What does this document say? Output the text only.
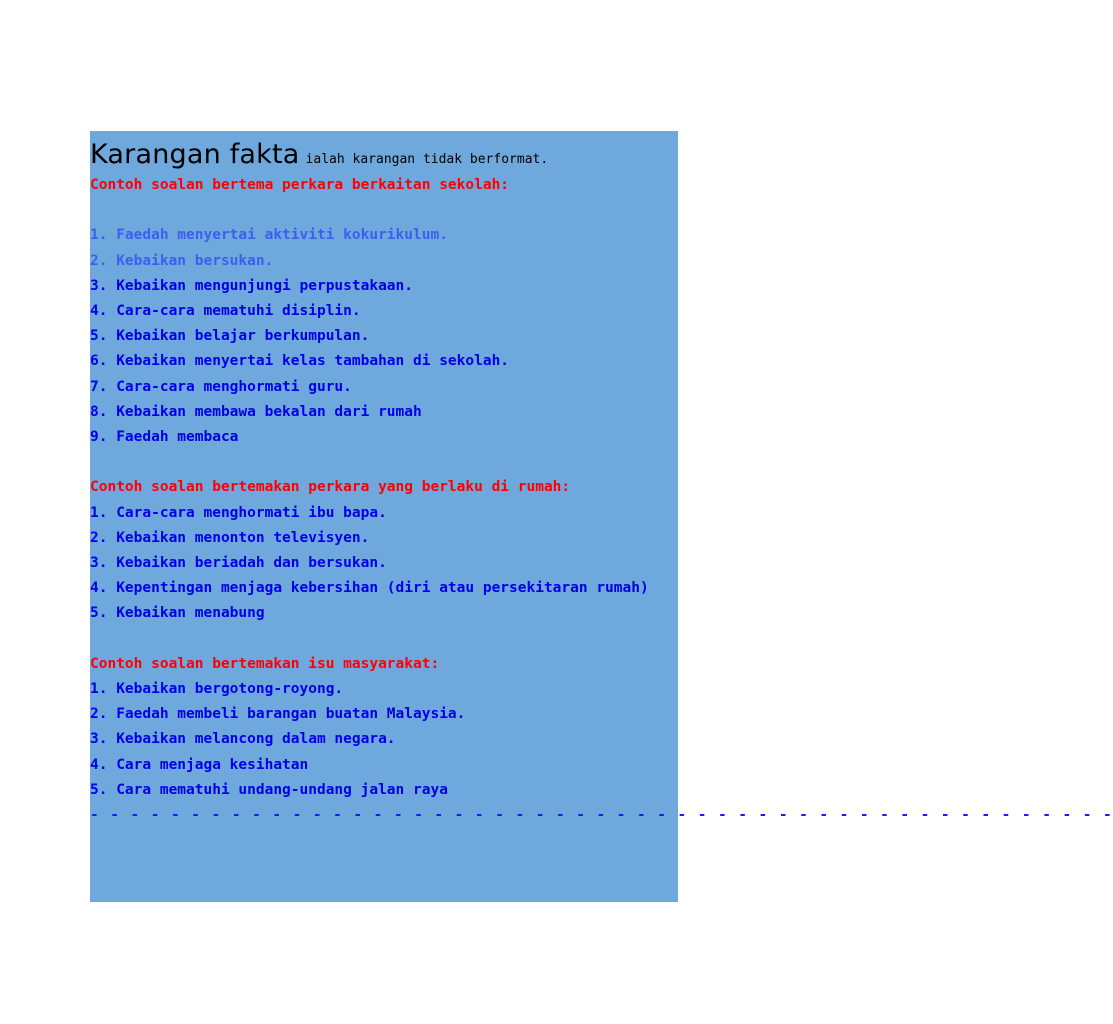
Karangan fakta ialah karangan tidak berformat.
Contoh soalan bertema perkara berkaitan sekolah:
1. Faedah menyertai aktiviti kokurikulum.
2. Kebaikan bersukan.
3. Kebaikan mengunjungi perpustakaan.
4. Cara-cara mematuhi disiplin.
5. Kebaikan belajar berkumpulan.
6. Kebaikan menyertai kelas tambahan di sekolah.
7. Cara-cara menghormati guru.
8. Kebaikan membawa bekalan dari rumah
9. Faedah membaca
Contoh soalan bertemakan perkara yang berlaku di rumah:
1. Cara-cara menghormati ibu bapa.
2. Kebaikan menonton televisyen.
3. Kebaikan beriadah dan bersukan.
4. Kepentingan menjaga kebersihan (diri atau persekitaran rumah)
5. Kebaikan menabung
Contoh soalan bertemakan isu masyarakat:
1. Kebaikan bergotong-royong.
2. Faedah membeli barangan buatan Malaysia.
3. Kebaikan melancong dalam negara.
4. Cara menjaga kesihatan
5. Cara mematuhi undang-undang jalan raya
- - - - - - - - - - - - - - - - - - - - - - - - - - - - - - - - - - - - - - - - - - - - - - - - - - -
